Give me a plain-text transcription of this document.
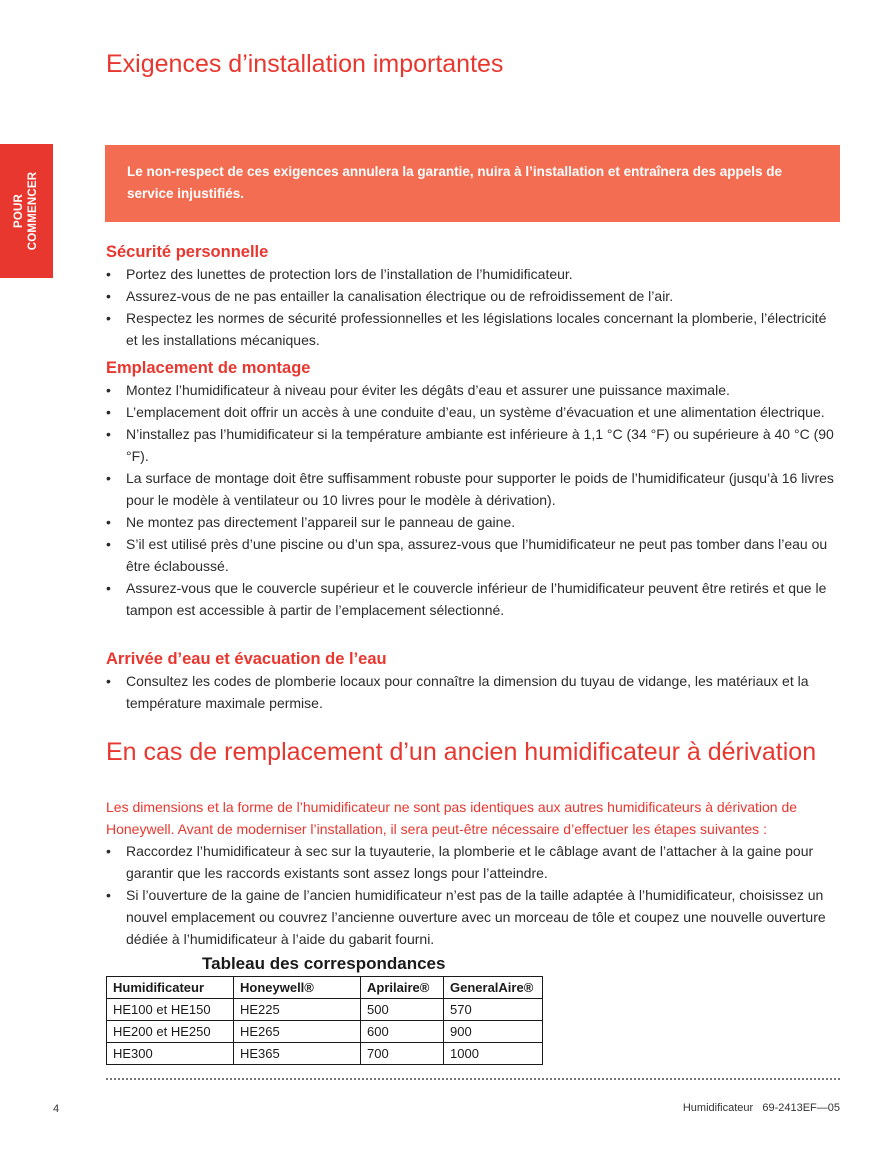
POUR COMMENCER
Exigences d’installation importantes
Le non-respect de ces exigences annulera la garantie, nuira à l’installation et entraînera des appels de service injustifiés.
Sécurité personnelle
• Portez des lunettes de protection lors de l’installation de l’humidificateur.
• Assurez-vous de ne pas entailler la canalisation électrique ou de refroidissement de l’air.
• Respectez les normes de sécurité professionnelles et les législations locales concernant la plomberie, l’électricité et les installations mécaniques.
Emplacement de montage
• Montez l’humidificateur à niveau pour éviter les dégâts d’eau et assurer une puissance maximale.
• L’emplacement doit offrir un accès à une conduite d’eau, un système d’évacuation et une alimentation électrique.
• N’installez pas l’humidificateur si la température ambiante est inférieure à 1,1 °C (34 °F) ou supérieure à 40 °C (90 °F).
• La surface de montage doit être suffisamment robuste pour supporter le poids de l’humidificateur (jusqu’à 16 livres pour le modèle à ventilateur ou 10 livres pour le modèle à dérivation).
• Ne montez pas directement l’appareil sur le panneau de gaine.
• S’il est utilisé près d’une piscine ou d’un spa, assurez-vous que l’humidificateur ne peut pas tomber dans l’eau ou être éclaboussé.
• Assurez-vous que le couvercle supérieur et le couvercle inférieur de l’humidificateur peuvent être retirés et que le tampon est accessible à partir de l’emplacement sélectionné.
Arrivée d’eau et évacuation de l’eau
• Consultez les codes de plomberie locaux pour connaître la dimension du tuyau de vidange, les matériaux et la température maximale permise.
En cas de remplacement d’un ancien humidificateur à dérivation

Les dimensions et la forme de l’humidificateur ne sont pas identiques aux autres humidificateurs à dérivation de Honeywell. Avant de moderniser l’installation, il sera peut-être nécessaire d’effectuer les étapes suivantes :

• Raccordez l’humidificateur à sec sur la tuyauterie, la plomberie et le câblage avant de l’attacher à la gaine pour garantir que les raccords existants sont assez longs pour l’atteindre.
• Si l’ouverture de la gaine de l’ancien humidificateur n’est pas de la taille adaptée à l’humidificateur, choisissez un nouvel emplacement ou couvrez l’ancienne ouverture avec un morceau de tôle et coupez une nouvelle ouverture dédiée à l’humidificateur à l’aide du gabarit fourni.
Tableau des correspondances
Humidificateur	Honeywell®	Aprilaire®	GeneralAire®
HE100 et HE150	HE225	500	570
HE200 et HE250	HE265	600	900
HE300	HE365	700	1000
4	Humidificateur   69-2413EF—05
